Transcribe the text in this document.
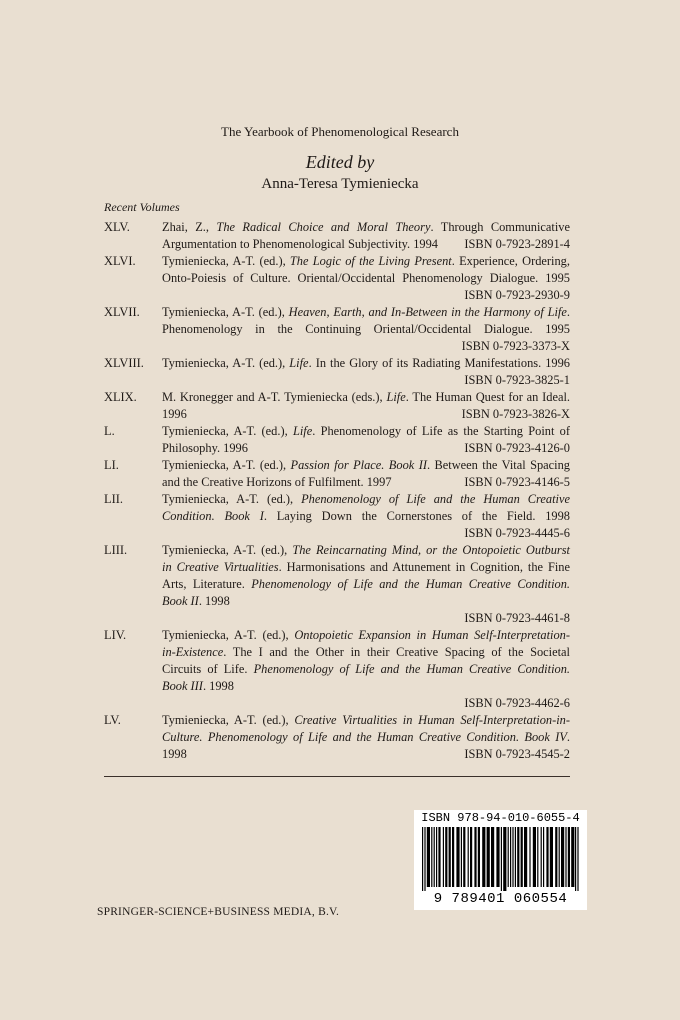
The Yearbook of Phenomenological Research
Edited by
Anna-Teresa Tymieniecka
Recent Volumes
XLV.	Zhai, Z., The Radical Choice and Moral Theory. Through Communicative
Argumentation to Phenomenological Subjectivity. 1994 ISBN 0-7923-2891-4
XLVI.	Tymieniecka, A-T. (ed.), The Logic of the Living Present. Experience, Ordering,
Onto-Poiesis of Culture. Oriental/Occidental Phenomenology Dialogue. 1995
ISBN 0-7923-2930-9
XLVII.	Tymieniecka, A-T. (ed.), Heaven, Earth, and In-Between in the Harmony of Life.
Phenomenology in the Continuing Oriental/Occidental Dialogue. 1995
ISBN 0-7923-3373-X
XLVIII.	Tymieniecka, A-T. (ed.), Life. In the Glory of its Radiating Manifestations. 1996
ISBN 0-7923-3825-1
XLIX.	M. Kronegger and A-T. Tymieniecka (eds.), Life. The Human Quest for an Ideal.
1996	ISBN 0-7923-3826-X
L.	Tymieniecka, A-T. (ed.), Life. Phenomenology of Life as the Starting Point of
Philosophy. 1996	ISBN 0-7923-4126-0
LI.	Tymieniecka, A-T. (ed.), Passion for Place. Book II. Between the Vital Spacing
and the Creative Horizons of Fulfilment. 1997	ISBN 0-7923-4146-5
LII.	Tymieniecka, A-T. (ed.), Phenomenology of Life and the Human Creative
Condition. Book I. Laying Down the Cornerstones of the Field. 1998
ISBN 0-7923-4445-6
LIII.	Tymieniecka, A-T. (ed.), The Reincarnating Mind, or the Ontopoietic Outburst
in Creative Virtualities. Harmonisations and Attunement in Cognition, the Fine
Arts, Literature. Phenomenology of Life and the Human Creative Condition.
Book II. 1998
ISBN 0-7923-4461-8
LIV.	Tymieniecka, A-T. (ed.), Ontopoietic Expansion in Human Self-Interpretation-
in-Existence. The I and the Other in their Creative Spacing of the Societal
Circuits of Life. Phenomenology of Life and the Human Creative Condition.
Book III. 1998
ISBN 0-7923-4462-6
LV.	Tymieniecka, A-T. (ed.), Creative Virtualities in Human Self-Interpretation-in-
Culture. Phenomenology of Life and the Human Creative Condition. Book IV.
1998	ISBN 0-7923-4545-2
ISBN 978-94-010-6055-4
9 789401 060554
SPRINGER-SCIENCE+BUSINESS MEDIA, B.V.
